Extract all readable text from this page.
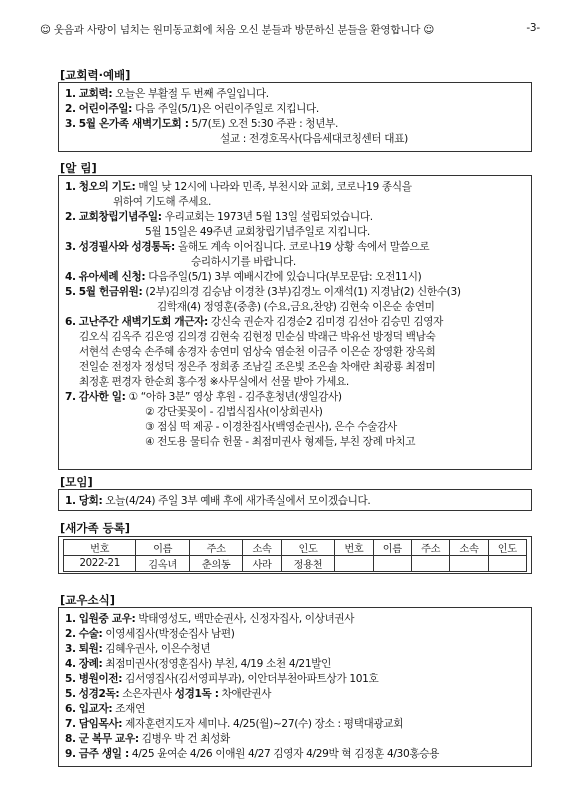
☺ 웃음과 사랑이 넘치는 원미동교회에 처음 오신 분들과 방문하신 분들을 환영합니다 ☺	-3-
[교회력·예배]
1. 교회력: 오늘은 부활절 두 번째 주일입니다.
2. 어린이주일: 다음 주일(5/1)은 어린이주일로 지킵니다.
3. 5월 온가족 새벽기도회 : 5/7(토) 오전 5:30 주관 : 청년부.
설교 : 전경호목사(다음세대코칭센터 대표)
[알 림]
1. 청오의 기도: 매일 낮 12시에 나라와 민족, 부천시와 교회, 코로나19 종식을
위하여 기도해 주세요.
2. 교회창립기념주일: 우리교회는 1973년 5월 13일 설립되었습니다.
5월 15일은 49주년 교회창립기념주일로 지킵니다.
3. 성경필사와 성경통독: 올해도 계속 이어집니다. 코로나19 상황 속에서 말씀으로
승리하시기를 바랍니다.
4. 유아세례 신청: 다음주일(5/1) 3부 예배시간에 있습니다(부모문답: 오전11시)
5. 5월 헌금위원: (2부)김의경 김승남 이경찬 (3부)김경노 이재석(1) 지경남(2) 신한수(3)
김학재(4) 정영훈(중총) (수요,금요,찬양) 김현숙 이은순 송연미
6. 고난주간 새벽기도회 개근자: 강신숙 권순자 김경순2 김미경 김선아 김승민 김영자
김오식 김옥주 김은영 김의경 김현숙 김현정 민순심 박래근 박유선 방정덕 백남숙
서현석 손영숙 손주혜 송경자 송연미 엄상숙 염순천 이금주 이은순 장영환 장옥희
전일순 전정자 정성덕 정은주 정희종 조남길 조은빛 조은솔 차애란 최광룡 최점미
최정훈 편경자 한순희 홍수정 ※사무실에서 선물 받아 가세요.
7. 감사한 일: ① “아하 3분” 영상 후원 - 김주훈청년(생일감사)
② 강단꽃꽂이 - 김법식집사(이상희권사)
③ 점심 떡 제공 - 이경찬집사(백영순권사), 은수 수술감사
④ 전도용 물티슈 헌물 - 최점미권사 형제들, 부친 장례 마치고
[모임]
1. 당회: 오늘(4/24) 주일 3부 예배 후에 새가족실에서 모이겠습니다.
[새가족 등록]
번호	이름	주소	소속	인도	번호	이름	주소	소속	인도
2022-21	김옥녀	춘의동	사라	정용천					
[교우소식]
1. 입원중 교우: 박태영성도, 백만순권사, 신정자집사, 이상녀권사
2. 수술: 이영세집사(박정순집사 남편)
3. 퇴원: 김혜우권사, 이은수청년
4. 장례: 최점미권사(정영훈집사) 부친, 4/19 소천 4/21발인
5. 병원이전: 김서영집사(김서영피부과), 이안더부천아파트상가 101호
5. 성경2독: 소은자권사 성경1독 : 차애란권사
6. 입교자: 조재연
7. 담임목사: 제자훈련지도자 세미나. 4/25(월)~27(수) 장소 : 평택대광교회
8. 군 복무 교우: 김병우 박 건 최성화
9. 금주 생일 : 4/25 윤여순 4/26 이애원 4/27 김영자 4/29박 혁 김정훈 4/30홍승용
